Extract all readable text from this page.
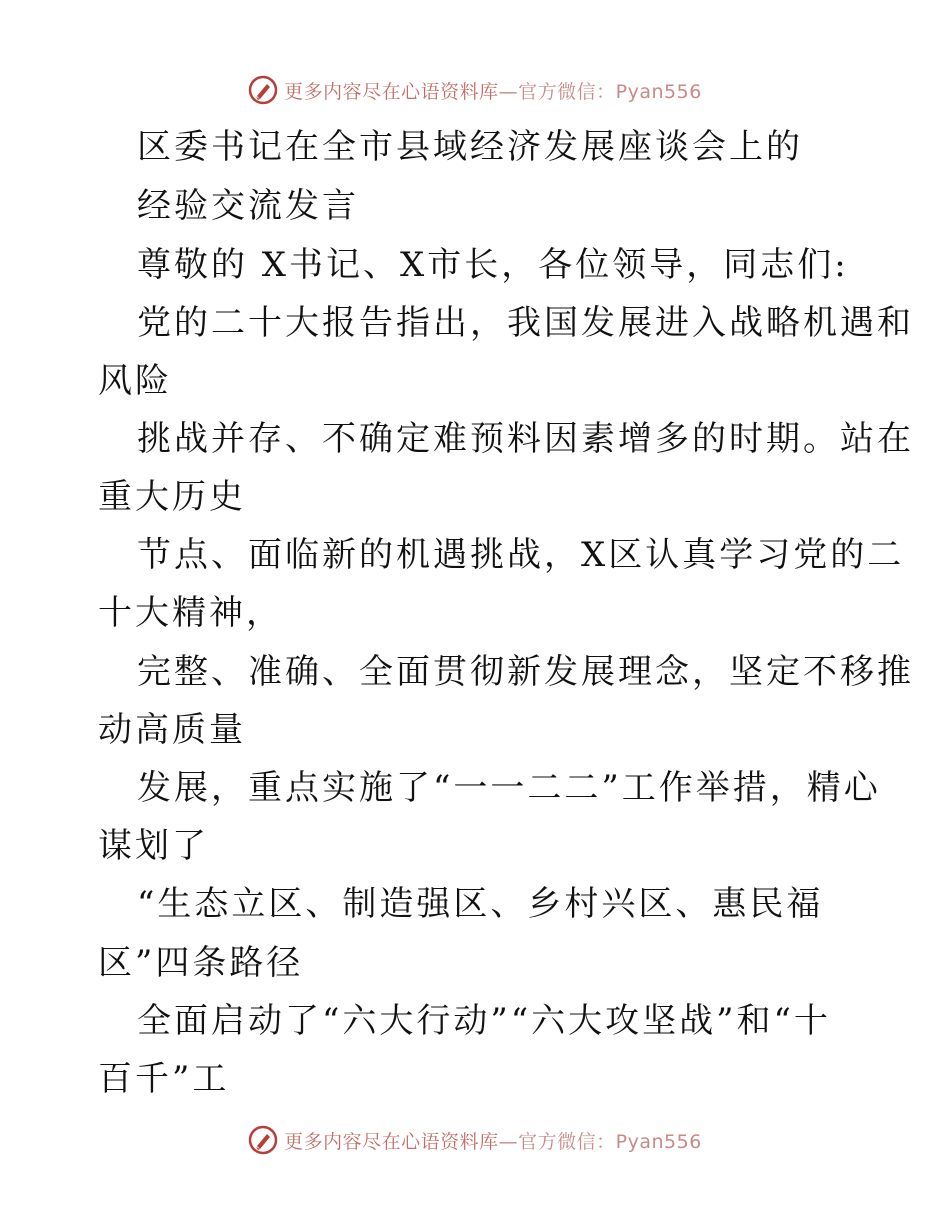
更多内容尽在心语资料库—官方微信：Pyan556
区委书记在全市县域经济发展座谈会上的
经验交流发言
尊敬的 X书记、X市长，各位领导，同志们:
党的二十大报告指出，我国发展进入战略机遇和
风险
挑战并存、不确定难预料因素增多的时期。站在
重大历史
节点、面临新的机遇挑战，X区认真学习党的二
十大精神，
完整、准确、全面贯彻新发展理念，坚定不移推
动高质量
发展，重点实施了“一一二二”工作举措，精心
谋划了
“生态立区、制造强区、乡村兴区、惠民福
区”四条路径
全面启动了“六大行动”“六大攻坚战”和“十
百千”工
更多内容尽在心语资料库—官方微信：Pyan556
